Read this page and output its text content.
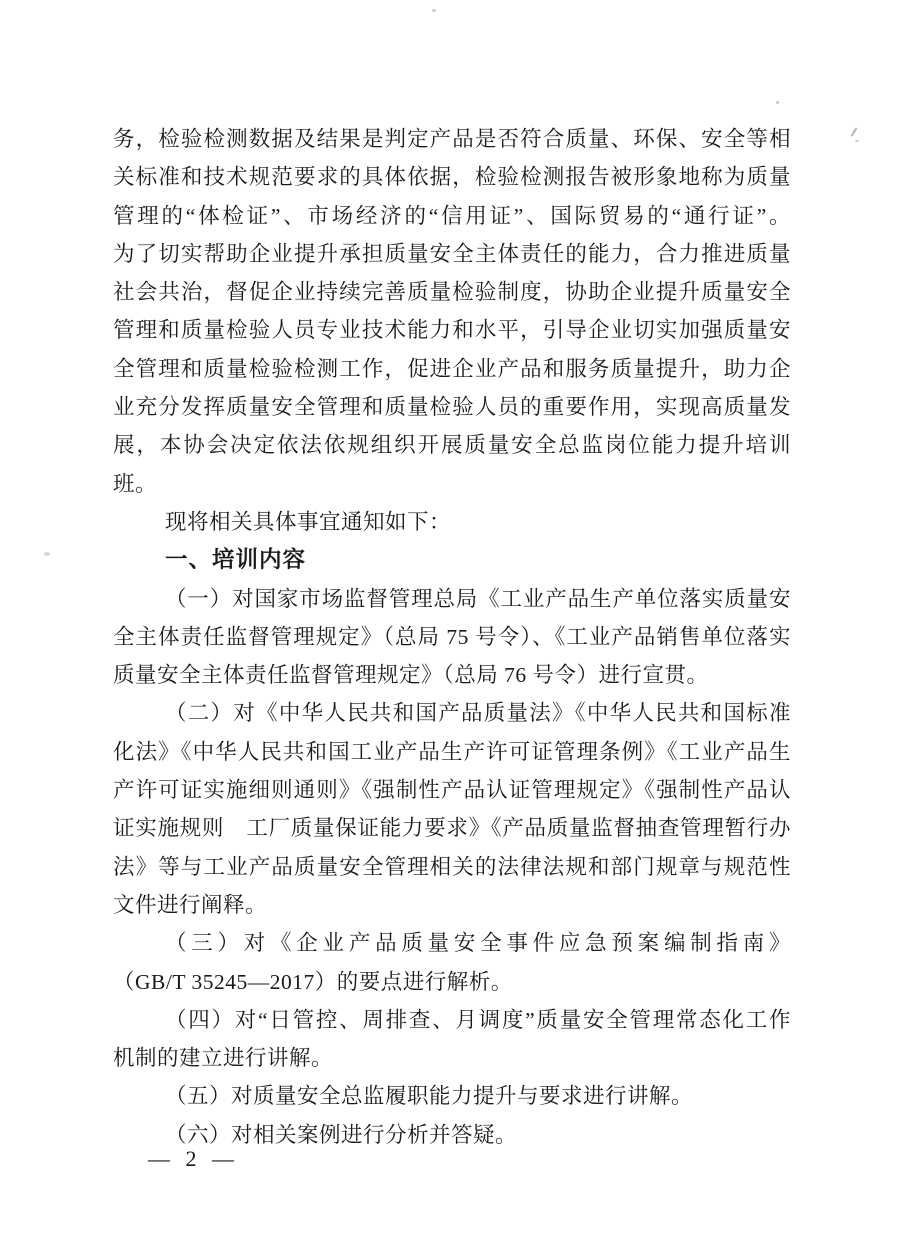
务，检验检测数据及结果是判定产品是否符合质量、环保、安全等相
关标准和技术规范要求的具体依据，检验检测报告被形象地称为质量
管理的“体检证”、市场经济的“信用证”、国际贸易的“通行证”。
为了切实帮助企业提升承担质量安全主体责任的能力，合力推进质量
社会共治，督促企业持续完善质量检验制度，协助企业提升质量安全
管理和质量检验人员专业技术能力和水平，引导企业切实加强质量安
全管理和质量检验检测工作，促进企业产品和服务质量提升，助力企
业充分发挥质量安全管理和质量检验人员的重要作用，实现高质量发
展，本协会决定依法依规组织开展质量安全总监岗位能力提升培训
班。
现将相关具体事宜通知如下：
一、培训内容
（一）对国家市场监督管理总局《工业产品生产单位落实质量安
全主体责任监督管理规定》（总局 75 号令）、《工业产品销售单位落实
质量安全主体责任监督管理规定》（总局 76 号令）进行宣贯。
（二）对《中华人民共和国产品质量法》《中华人民共和国标准
化法》《中华人民共和国工业产品生产许可证管理条例》《工业产品生
产许可证实施细则通则》《强制性产品认证管理规定》《强制性产品认
证实施规则　工厂质量保证能力要求》《产品质量监督抽查管理暂行办
法》等与工业产品质量安全管理相关的法律法规和部门规章与规范性
文件进行阐释。
（三）对《企业产品质量安全事件应急预案编制指南》
（GB/T 35245—2017）的要点进行解析。
（四）对“日管控、周排查、月调度”质量安全管理常态化工作
机制的建立进行讲解。
（五）对质量安全总监履职能力提升与要求进行讲解。
（六）对相关案例进行分析并答疑。
— 2 —
